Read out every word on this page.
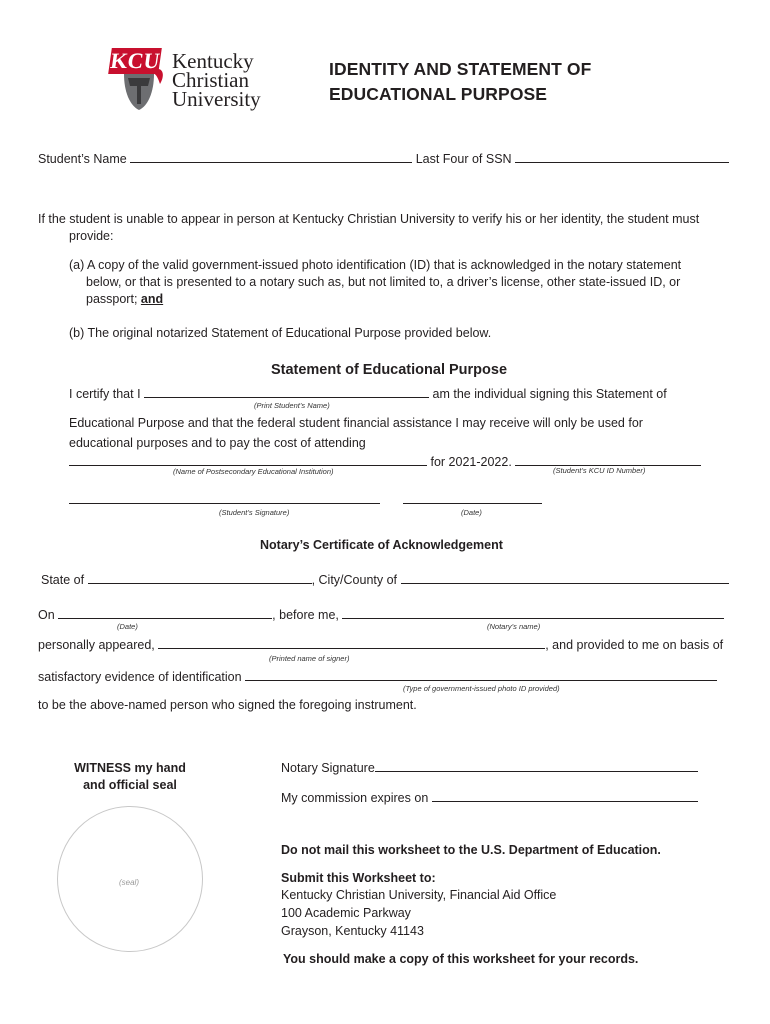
KCU Kentucky
Christian
University
IDENTITY AND STATEMENT OF
EDUCATIONAL PURPOSE
Student’s Name	Last Four of SSN
If the student is unable to appear in person at Kentucky Christian University to verify his or her identity, the student must
provide:
(a) A copy of the valid government-issued photo identification (ID) that is acknowledged in the notary statement
below, or that is presented to a notary such as, but not limited to, a driver’s license, other state-issued ID, or
passport; and
(b) The original notarized Statement of Educational Purpose provided below.
Statement of Educational Purpose
I certify that I	am the individual signing this Statement of
(Print Student’s Name)
Educational Purpose and that the federal student financial assistance I may receive will only be used for
educational purposes and to pay the cost of attending
for 2021-2022.
(Name of Postsecondary Educational Institution)	(Student’s KCU ID Number)

(Student’s Signature)	(Date)
Notary’s Certificate of Acknowledgement
State of	, City/County of
On	, before me,
(Date)	(Notary’s name)
personally appeared,	, and provided to me on basis of
(Printed name of signer)
satisfactory evidence of identification
(Type of government-issued photo ID provided)
to be the above-named person who signed the foregoing instrument.
WITNESS my hand
and official seal
(seal)
Notary Signature
My commission expires on
Do not mail this worksheet to the U.S. Department of Education.
Submit this Worksheet to:
Kentucky Christian University, Financial Aid Office
100 Academic Parkway
Grayson, Kentucky 41143
You should make a copy of this worksheet for your records.
